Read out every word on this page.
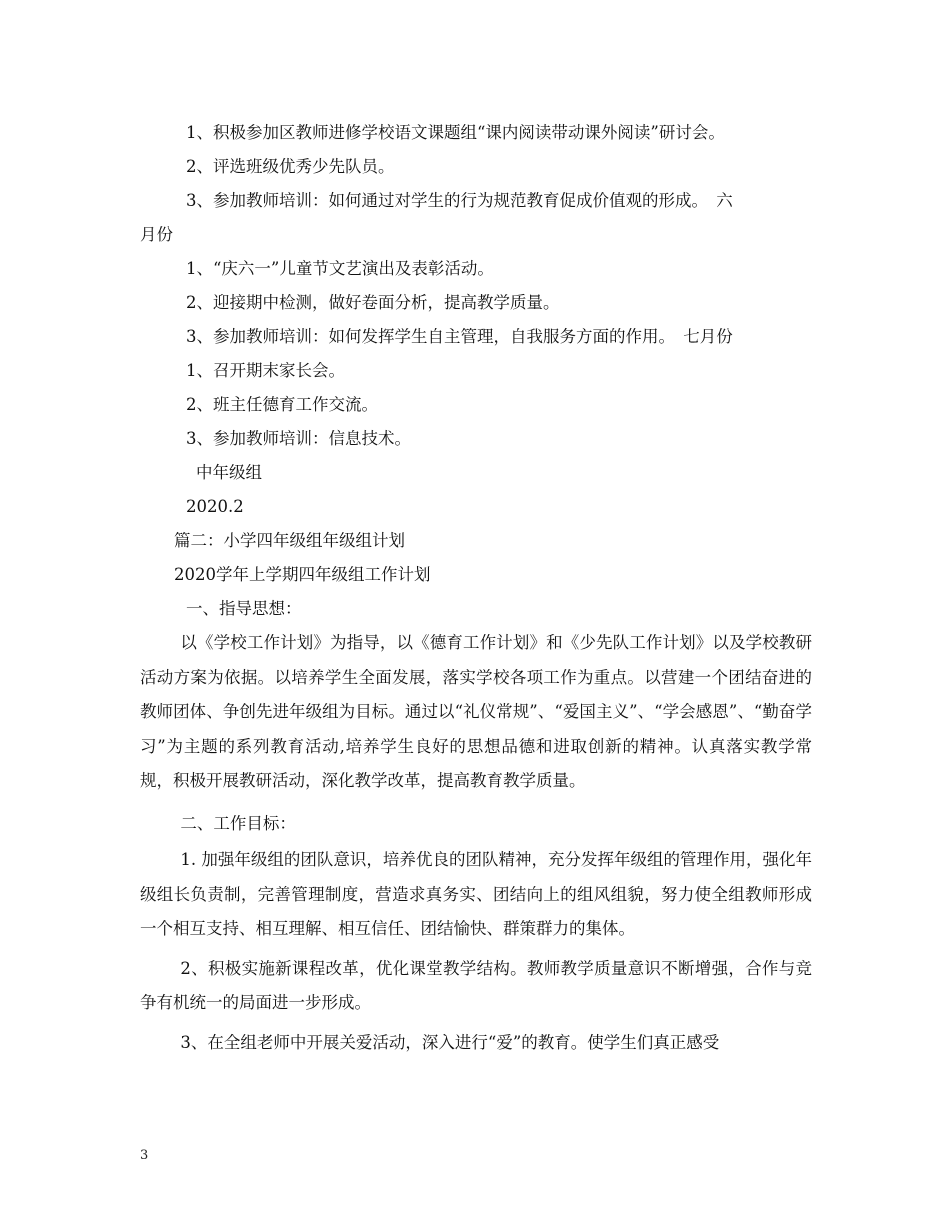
1、积极参加区教师进修学校语文课题组“课内阅读带动课外阅读”研讨会。

2、评选班级优秀少先队员。

3、参加教师培训：如何通过对学生的行为规范教育促成价值观的形成。　六

月份

1、“庆六一”儿童节文艺演出及表彰活动。

2、迎接期中检测，做好卷面分析，提高教学质量。

3、参加教师培训：如何发挥学生自主管理，自我服务方面的作用。　七月份

1、召开期末家长会。

2、班主任德育工作交流。

3、参加教师培训：信息技术。

中年级组

2020.2

篇二：小学四年级组年级组计划

2020学年上学期四年级组工作计划

一、指导思想：

以《学校工作计划》为指导，以《德育工作计划》和《少先队工作计划》以及学校教研活动方案为依据。以培养学生全面发展，落实学校各项工作为重点。以营建一个团结奋进的教师团体、争创先进年级组为目标。通过以“礼仪常规”、“爱国主义”、“学会感恩”、“勤奋学习”为主题的系列教育活动,培养学生良好的思想品德和进取创新的精神。认真落实教学常规，积极开展教研活动，深化教学改革，提高教育教学质量。

二、工作目标：

1. 加强年级组的团队意识，培养优良的团队精神，充分发挥年级组的管理作用，强化年级组长负责制，完善管理制度，营造求真务实、团结向上的组风组貌，努力使全组教师形成一个相互支持、相互理解、相互信任、团结愉快、群策群力的集体。

2、积极实施新课程改革，优化课堂教学结构。教师教学质量意识不断增强，合作与竞争有机统一的局面进一步形成。

3、在全组老师中开展关爱活动，深入进行“爱”的教育。使学生们真正感受

3
